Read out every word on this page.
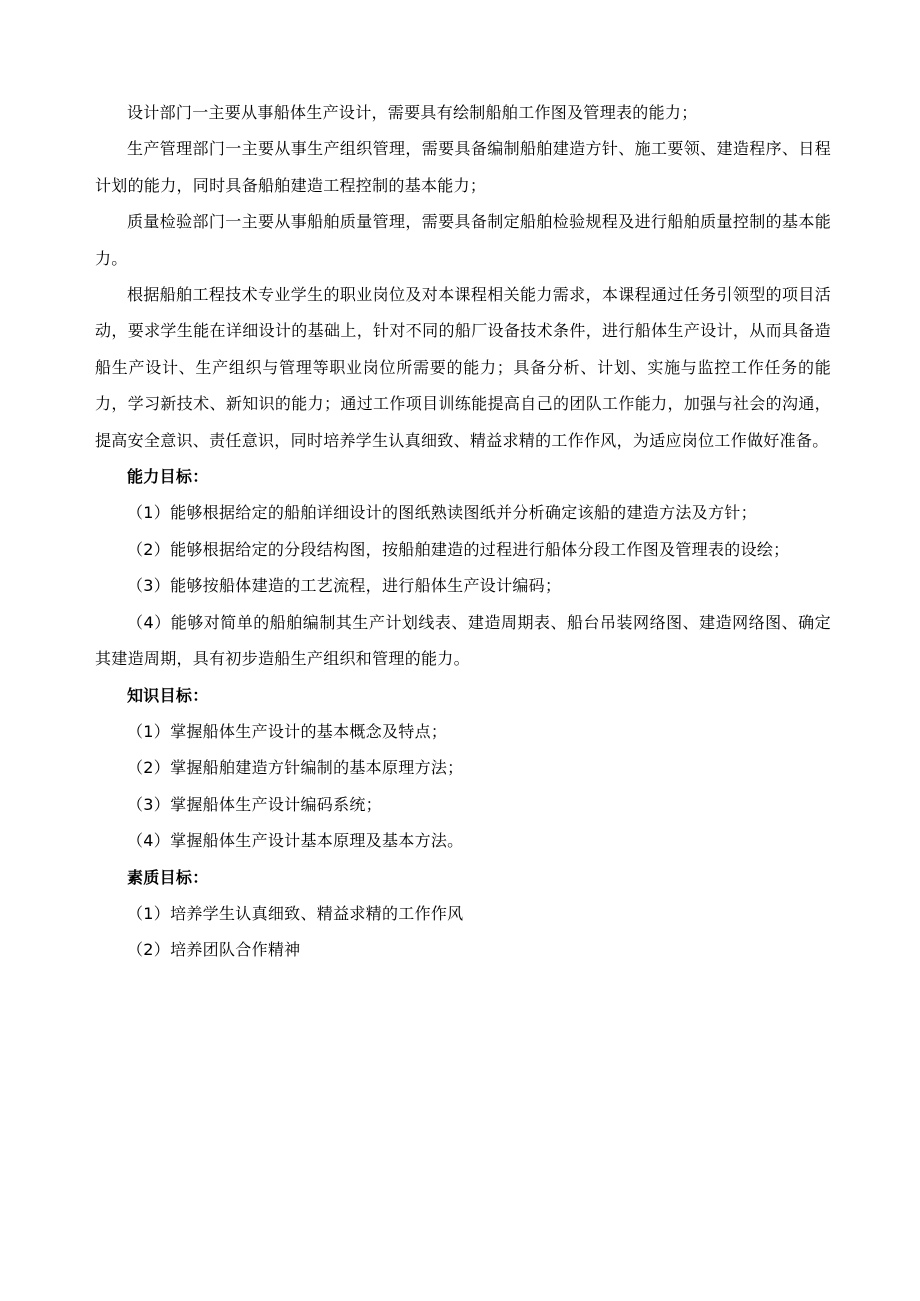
设计部门一主要从事船体生产设计，需要具有绘制船舶工作图及管理表的能力；

生产管理部门一主要从事生产组织管理，需要具备编制船舶建造方针、施工要领、建造程序、日程计划的能力，同时具备船舶建造工程控制的基本能力；

质量检验部门一主要从事船舶质量管理，需要具备制定船舶检验规程及进行船舶质量控制的基本能力。

根据船舶工程技术专业学生的职业岗位及对本课程相关能力需求，本课程通过任务引领型的项目活动，要求学生能在详细设计的基础上，针对不同的船厂设备技术条件，进行船体生产设计，从而具备造船生产设计、生产组织与管理等职业岗位所需要的能力；具备分析、计划、实施与监控工作任务的能力，学习新技术、新知识的能力；通过工作项目训练能提高自己的团队工作能力，加强与社会的沟通，提高安全意识、责任意识，同时培养学生认真细致、精益求精的工作作风，为适应岗位工作做好准备。

能力目标：

（1）能够根据给定的船舶详细设计的图纸熟读图纸并分析确定该船的建造方法及方针；

（2）能够根据给定的分段结构图，按船舶建造的过程进行船体分段工作图及管理表的设绘；

（3）能够按船体建造的工艺流程，进行船体生产设计编码；

（4）能够对简单的船舶编制其生产计划线表、建造周期表、船台吊装网络图、建造网络图、确定其建造周期，具有初步造船生产组织和管理的能力。

知识目标：

（1）掌握船体生产设计的基本概念及特点；

（2）掌握船舶建造方针编制的基本原理方法；

（3）掌握船体生产设计编码系统；

（4）掌握船体生产设计基本原理及基本方法。

素质目标：

（1）培养学生认真细致、精益求精的工作作风

（2）培养团队合作精神
